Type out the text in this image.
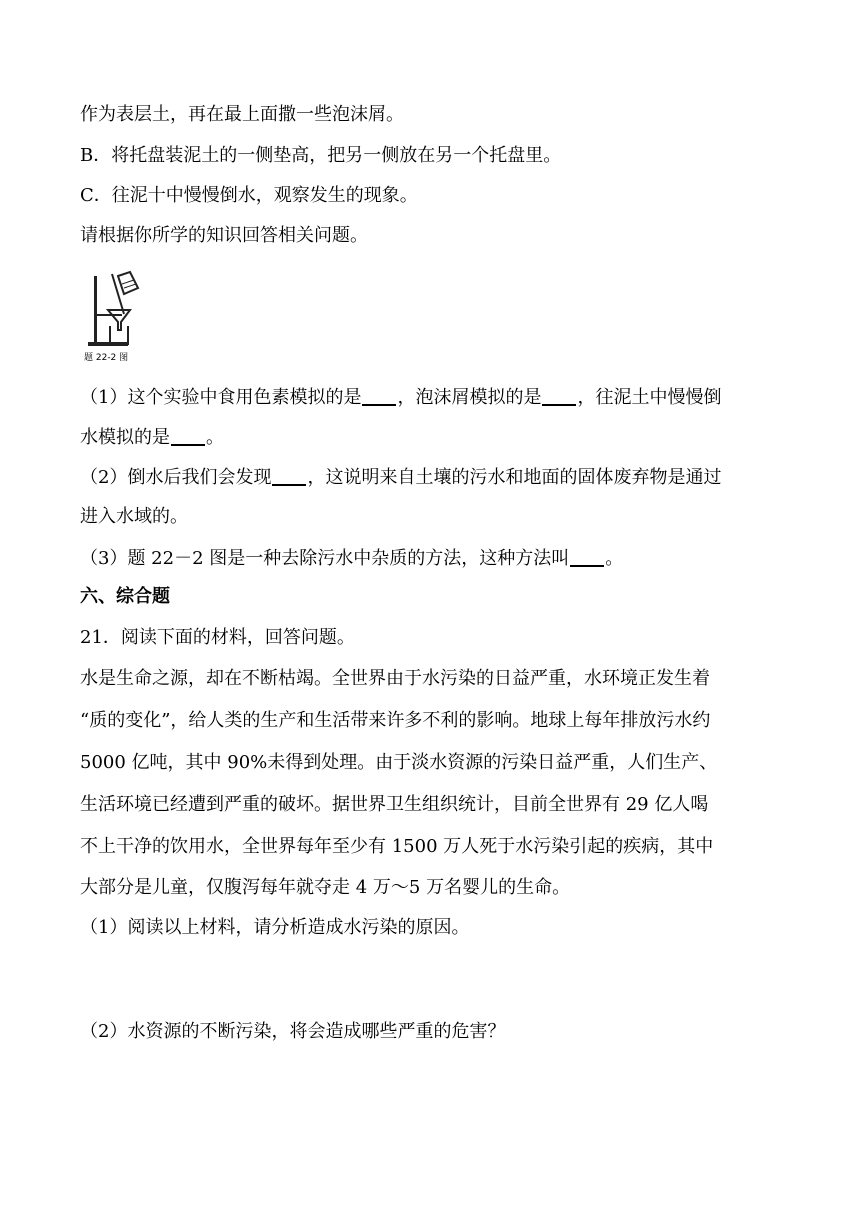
作为表层土，再在最上面撒一些泡沫屑。
B．将托盘装泥土的一侧垫高，把另一侧放在另一个托盘里。
C．往泥十中慢慢倒水，观察发生的现象。
请根据你所学的知识回答相关问题。
题 22-2 图
（1）这个实验中食用色素模拟的是 ，泡沫屑模拟的是 ，往泥土中慢慢倒
水模拟的是 。
（2）倒水后我们会发现 ，这说明来自土壤的污水和地面的固体废弃物是通过
进入水域的。
（3）题 22－2 图是一种去除污水中杂质的方法，这种方法叫 。
六、综合题
21．阅读下面的材料，回答问题。
水是生命之源，却在不断枯竭。全世界由于水污染的日益严重，水环境正发生着
“质的变化”，给人类的生产和生活带来许多不利的影响。地球上每年排放污水约
5000 亿吨，其中 90%未得到处理。由于淡水资源的污染日益严重，人们生产、
生活环境已经遭到严重的破坏。据世界卫生组织统计，目前全世界有 29 亿人喝
不上干净的饮用水，全世界每年至少有 1500 万人死于水污染引起的疾病，其中
大部分是儿童，仅腹泻每年就夺走 4 万～5 万名婴儿的生命。
（1）阅读以上材料，请分析造成水污染的原因。
（2）水资源的不断污染，将会造成哪些严重的危害？
